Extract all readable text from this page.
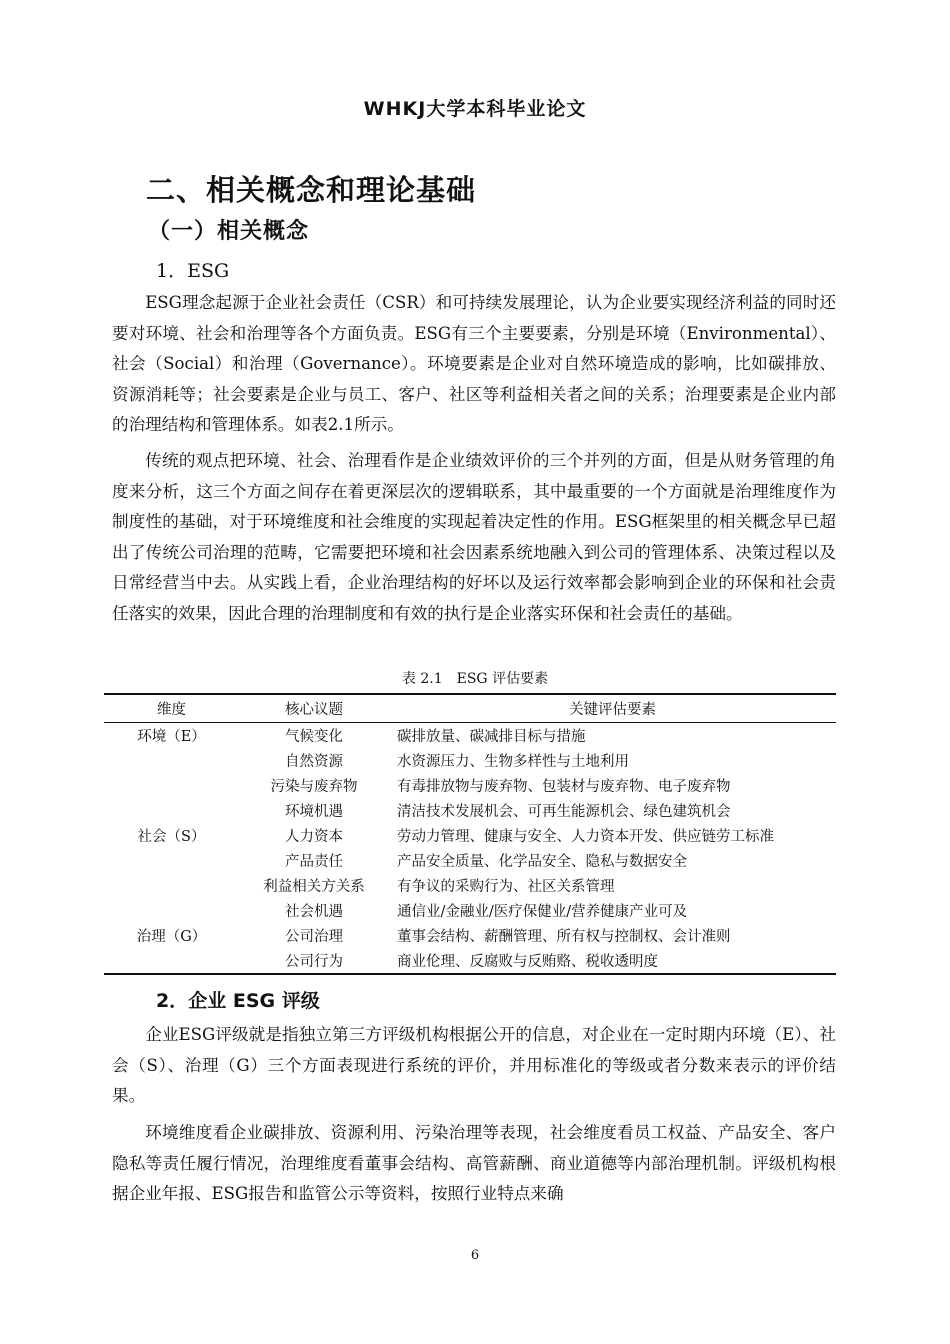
WHKJ大学本科毕业论文
二、相关概念和理论基础
（一）相关概念
1．ESG

ESG理念起源于企业社会责任（CSR）和可持续发展理论，认为企业要实现经济利益的同时还要对环境、社会和治理等各个方面负责。ESG有三个主要要素，分别是环境（Environmental）、社会（Social）和治理（Governance）。环境要素是企业对自然环境造成的影响，比如碳排放、资源消耗等；社会要素是企业与员工、客户、社区等利益相关者之间的关系；治理要素是企业内部的治理结构和管理体系。如表2.1所示。

传统的观点把环境、社会、治理看作是企业绩效评价的三个并列的方面，但是从财务管理的角度来分析，这三个方面之间存在着更深层次的逻辑联系，其中最重要的一个方面就是治理维度作为制度性的基础，对于环境维度和社会维度的实现起着决定性的作用。ESG框架里的相关概念早已超出了传统公司治理的范畴，它需要把环境和社会因素系统地融入到公司的管理体系、决策过程以及日常经营当中去。从实践上看，企业治理结构的好坏以及运行效率都会影响到企业的环保和社会责任落实的效果，因此合理的治理制度和有效的执行是企业落实环保和社会责任的基础。

表 2.1　ESG 评估要素
维度	核心议题	关键评估要素
环境（E）	气候变化	碳排放量、碳减排目标与措施
	自然资源	水资源压力、生物多样性与土地利用
	污染与废弃物	有毒排放物与废弃物、包装材与废弃物、电子废弃物
	环境机遇	清洁技术发展机会、可再生能源机会、绿色建筑机会
社会（S）	人力资本	劳动力管理、健康与安全、人力资本开发、供应链劳工标准
	产品责任	产品安全质量、化学品安全、隐私与数据安全
	利益相关方关系	有争议的采购行为、社区关系管理
	社会机遇	通信业/金融业/医疗保健业/营养健康产业可及
治理（G）	公司治理	董事会结构、薪酬管理、所有权与控制权、会计准则
	公司行为	商业伦理、反腐败与反贿赂、税收透明度
2．企业 ESG 评级

企业ESG评级就是指独立第三方评级机构根据公开的信息，对企业在一定时期内环境（E）、社会（S）、治理（G）三个方面表现进行系统的评价，并用标准化的等级或者分数来表示的评价结果。

环境维度看企业碳排放、资源利用、污染治理等表现，社会维度看员工权益、产品安全、客户隐私等责任履行情况，治理维度看董事会结构、高管薪酬、商业道德等内部治理机制。评级机构根据企业年报、ESG报告和监管公示等资料，按照行业特点来确

6
